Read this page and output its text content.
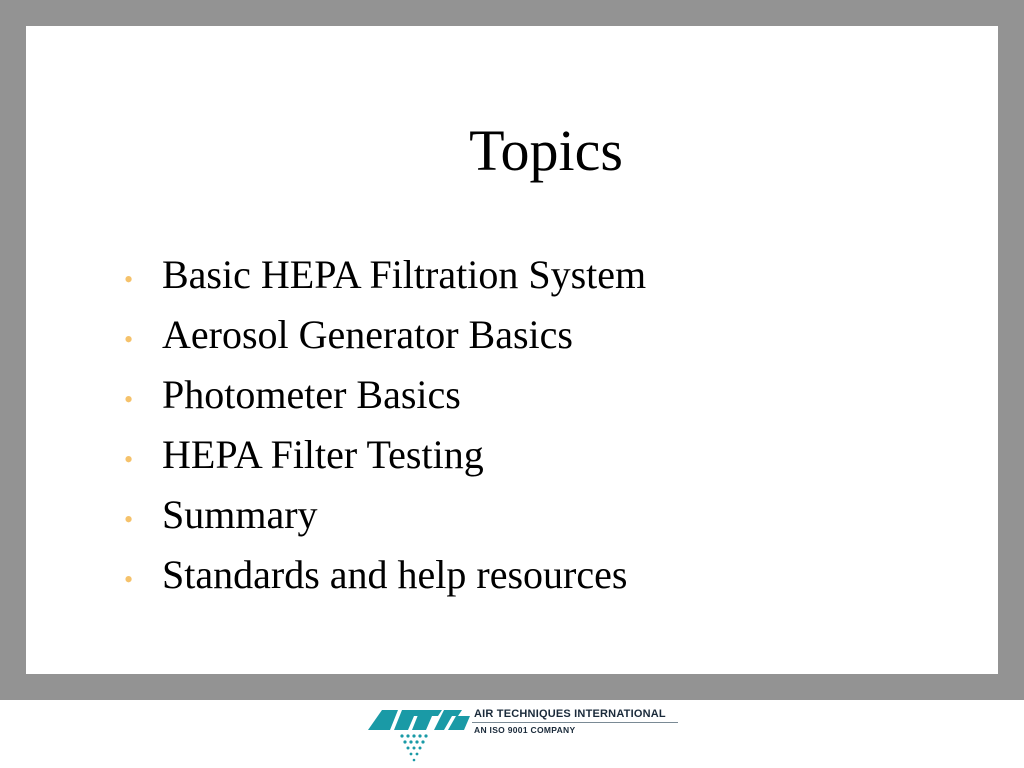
Topics
• Basic HEPA Filtration System
• Aerosol Generator Basics
• Photometer Basics
• HEPA Filter Testing
• Summary
• Standards and help resources
AIR TECHNIQUES INTERNATIONAL
AN ISO 9001 COMPANY
